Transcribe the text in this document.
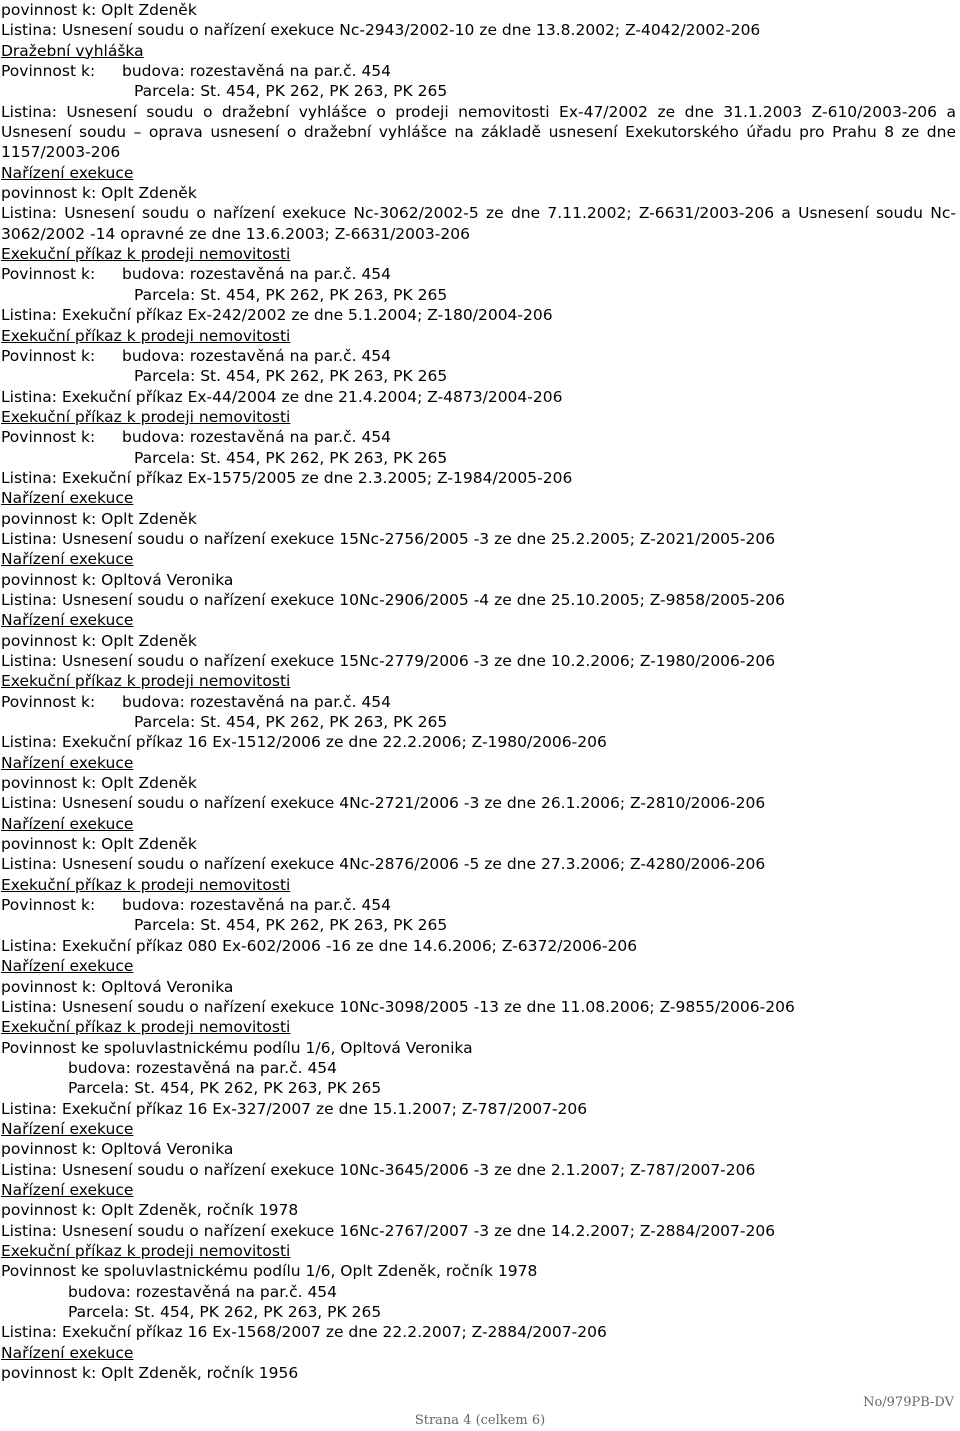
povinnost k: Oplt Zdeněk
Listina: Usnesení soudu o nařízení exekuce Nc-2943/2002-10 ze dne 13.8.2002; Z-4042/2002-206
Dražební vyhláška
Povinnost k: budova: rozestavěná na par.č. 454
Parcela: St. 454, PK 262, PK 263, PK 265
Listina: Usnesení soudu o dražební vyhlášce o prodeji nemovitosti Ex-47/2002 ze dne 31.1.2003 Z-610/2003-206 a Usnesení soudu – oprava usnesení o dražební vyhlášce na základě usnesení Exekutorského úřadu pro Prahu 8 ze dne
1157/2003-206
Nařízení exekuce
povinnost k: Oplt Zdeněk
Listina: Usnesení soudu o nařízení exekuce Nc-3062/2002-5 ze dne 7.11.2002; Z-6631/2003-206 a Usnesení soudu Nc-3062/2002 -14 opravné ze dne 13.6.2003; Z-6631/2003-206
Exekuční příkaz k prodeji nemovitosti
Povinnost k: budova: rozestavěná na par.č. 454
Parcela: St. 454, PK 262, PK 263, PK 265
Listina: Exekuční příkaz Ex-242/2002 ze dne 5.1.2004; Z-180/2004-206
Exekuční příkaz k prodeji nemovitosti
Povinnost k: budova: rozestavěná na par.č. 454
Parcela: St. 454, PK 262, PK 263, PK 265
Listina: Exekuční příkaz Ex-44/2004 ze dne 21.4.2004; Z-4873/2004-206
Exekuční příkaz k prodeji nemovitosti
Povinnost k: budova: rozestavěná na par.č. 454
Parcela: St. 454, PK 262, PK 263, PK 265
Listina: Exekuční příkaz Ex-1575/2005 ze dne 2.3.2005; Z-1984/2005-206
Nařízení exekuce
povinnost k: Oplt Zdeněk
Listina: Usnesení soudu o nařízení exekuce 15Nc-2756/2005 -3 ze dne 25.2.2005; Z-2021/2005-206
Nařízení exekuce
povinnost k: Opltová Veronika
Listina: Usnesení soudu o nařízení exekuce 10Nc-2906/2005 -4 ze dne 25.10.2005; Z-9858/2005-206
Nařízení exekuce
povinnost k: Oplt Zdeněk
Listina: Usnesení soudu o nařízení exekuce 15Nc-2779/2006 -3 ze dne 10.2.2006; Z-1980/2006-206
Exekuční příkaz k prodeji nemovitosti
Povinnost k: budova: rozestavěná na par.č. 454
Parcela: St. 454, PK 262, PK 263, PK 265
Listina: Exekuční příkaz 16 Ex-1512/2006 ze dne 22.2.2006; Z-1980/2006-206
Nařízení exekuce
povinnost k: Oplt Zdeněk
Listina: Usnesení soudu o nařízení exekuce 4Nc-2721/2006 -3 ze dne 26.1.2006; Z-2810/2006-206
Nařízení exekuce
povinnost k: Oplt Zdeněk
Listina: Usnesení soudu o nařízení exekuce 4Nc-2876/2006 -5 ze dne 27.3.2006; Z-4280/2006-206
Exekuční příkaz k prodeji nemovitosti
Povinnost k: budova: rozestavěná na par.č. 454
Parcela: St. 454, PK 262, PK 263, PK 265
Listina: Exekuční příkaz 080 Ex-602/2006 -16 ze dne 14.6.2006; Z-6372/2006-206
Nařízení exekuce
povinnost k: Opltová Veronika
Listina: Usnesení soudu o nařízení exekuce 10Nc-3098/2005 -13 ze dne 11.08.2006; Z-9855/2006-206
Exekuční příkaz k prodeji nemovitosti
Povinnost ke spoluvlastnickému podílu 1/6, Opltová Veronika
budova: rozestavěná na par.č. 454
Parcela: St. 454, PK 262, PK 263, PK 265
Listina: Exekuční příkaz 16 Ex-327/2007 ze dne 15.1.2007; Z-787/2007-206
Nařízení exekuce
povinnost k: Opltová Veronika
Listina: Usnesení soudu o nařízení exekuce 10Nc-3645/2006 -3 ze dne 2.1.2007; Z-787/2007-206
Nařízení exekuce
povinnost k: Oplt Zdeněk, ročník 1978
Listina: Usnesení soudu o nařízení exekuce 16Nc-2767/2007 -3 ze dne 14.2.2007; Z-2884/2007-206
Exekuční příkaz k prodeji nemovitosti
Povinnost ke spoluvlastnickému podílu 1/6, Oplt Zdeněk, ročník 1978
budova: rozestavěná na par.č. 454
Parcela: St. 454, PK 262, PK 263, PK 265
Listina: Exekuční příkaz 16 Ex-1568/2007 ze dne 22.2.2007; Z-2884/2007-206
Nařízení exekuce
povinnost k: Oplt Zdeněk, ročník 1956
Strana 4 (celkem 6)
No/979PB-DV
